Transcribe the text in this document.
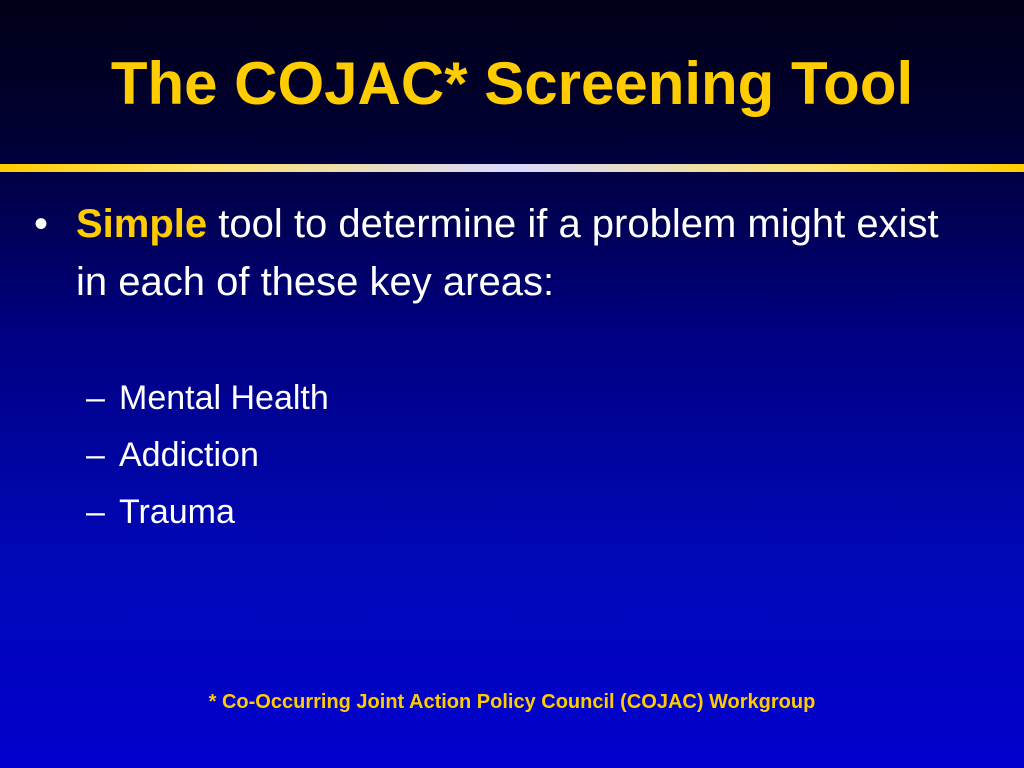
The COJAC* Screening Tool
• Simple tool to determine if a problem might exist in each of these key areas:
– Mental Health
– Addiction
– Trauma
* Co-Occurring Joint Action Policy Council (COJAC) Workgroup
